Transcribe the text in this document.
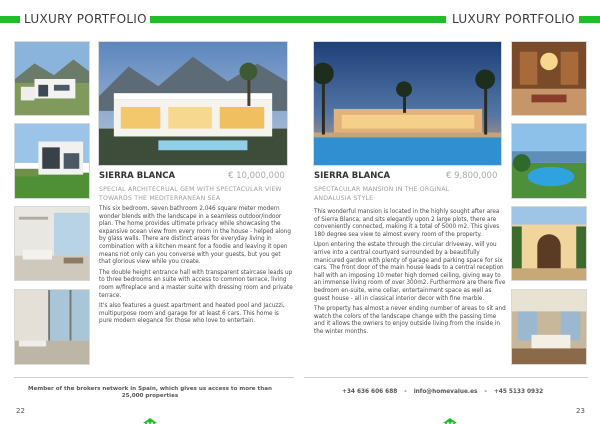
LUXURY PORTFOLIO	LUXURY PORTFOLIO
SIERRA BLANCA	€ 10,000,000
SPECIAL ARCHITECRUAL GEM WITH SPECTACULAR VIEW TOWARDS THE MEDITERRANEAN SEA

This six bedroom, seven bathroom 2,046 square meter modern wonder blends with the landscape in a seamless outdoor/indoor plan. The home provides ultimate privacy while showcasing the expansive ocean view from every room in the house - helped along by glass walls. There are distinct areas for everyday living in combination with a kitchen meant for a foodie and leaving it open means not only can you converse with your guests, but you get that glorious view while you create.

The double height entrance hall with transparent staircase leads up to three bedrooms en suite with access to common terrace, living room w/fireplace and a master suite with dressing room and private terrace.

It's also features a guest apartment and heated pool and Jacuzzi, multipurpose room and garage for at least 6 cars. This home is pure modern elegance for those who love to entertain.

Member of the brokers network in Spain, which gives us access to more than 25,000 properties
22
SIERRA BLANCA	€ 9,800,000
SPECTACULAR MANSION IN THE ORGINAL ANDALUSIA STYLE

This wonderful mansion is located in the highly sought after area of Sierra Blanca, and sits elegantly upon 2 large plots, there are conveniently connected, making it a total of 5000 m2. This gives 180 degree sea view to almost every room of the property.

Upon entering the estate through the circular driveway, will you arrive into a central courtyard surrounded by a beautifully manicured garden with plenty of garage and parking space for six cars. The front door of the main house leads to a central reception hall with an imposing 10 meter high domed ceiling, giving way to an immense living room of over 300m2. Furthermore are there five bedroom en-suite, wine cellar, entertainment space as well as guest house - all in classical interior decor with fine marble.

The property has almost a never ending number of areas to sit and watch the colors of the landscape change with the passing time and it allows the owners to enjoy outside living from the inside in the winter months.

+34 636 606 688 - info@homevalue.es - +45 5133 0932
23
